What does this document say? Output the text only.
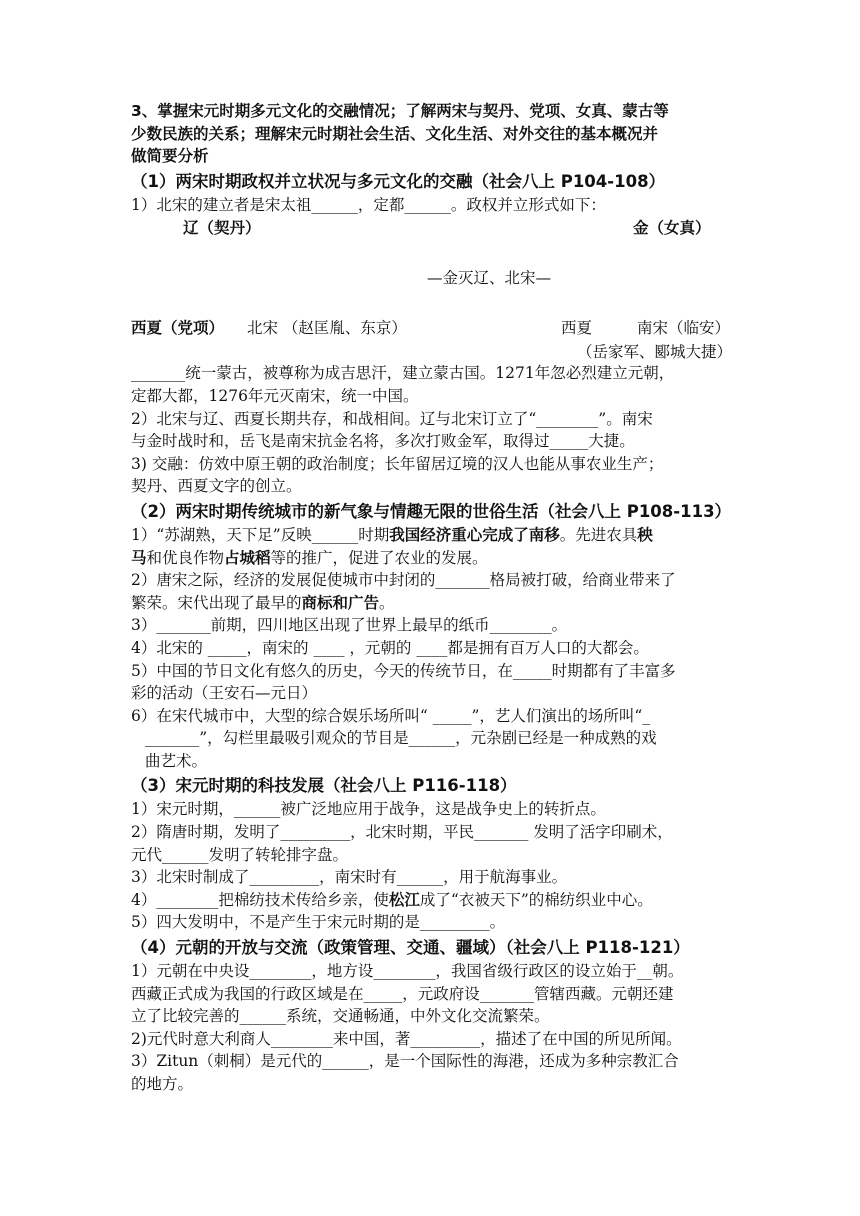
3、掌握宋元时期多元文化的交融情况；了解两宋与契丹、党项、女真、蒙古等
少数民族的关系；理解宋元时期社会生活、文化生活、对外交往的基本概况并
做简要分析
（1）两宋时期政权并立状况与多元文化的交融（社会八上 P104-108）
1）北宋的建立者是宋太祖______，定都______。政权并立形式如下：
辽（契丹）	金（女真）
—金灭辽、北宋—
西夏（党项） 北宋 （赵匡胤、东京）	西夏	南宋（临安）
（岳家军、郾城大捷）
_______统一蒙古，被尊称为成吉思汗，建立蒙古国。1271年忽必烈建立元朝，
定都大都，1276年元灭南宋，统一中国。
2）北宋与辽、西夏长期共存，和战相间。辽与北宋订立了“________”。南宋
与金时战时和，岳飞是南宋抗金名将，多次打败金军，取得过_____大捷。
3) 交融：仿效中原王朝的政治制度；长年留居辽境的汉人也能从事农业生产；
契丹、西夏文字的创立。
（2）两宋时期传统城市的新气象与情趣无限的世俗生活（社会八上 P108-113）
1）“苏湖熟，天下足”反映______时期我国经济重心完成了南移。先进农具秧
马和优良作物占城稻等的推广，促进了农业的发展。
2）唐宋之际，经济的发展促使城市中封闭的_______格局被打破，给商业带来了
繁荣。宋代出现了最早的商标和广告。
3）_______前期，四川地区出现了世界上最早的纸币________。
4）北宋的 _____，南宋的 ____ ，元朝的 ____都是拥有百万人口的大都会。
5）中国的节日文化有悠久的历史，今天的传统节日，在_____时期都有了丰富多
彩的活动（王安石—元日）
6）在宋代城市中，大型的综合娱乐场所叫“ _____”，艺人们演出的场所叫“_
_______”，勾栏里最吸引观众的节目是______，元杂剧已经是一种成熟的戏
曲艺术。
（3）宋元时期的科技发展（社会八上 P116-118）
1）宋元时期，______被广泛地应用于战争，这是战争史上的转折点。
2）隋唐时期，发明了_________，北宋时期，平民_______ 发明了活字印刷术，
元代______发明了转轮排字盘。
3）北宋时制成了_________，南宋时有______，用于航海事业。
4）________把棉纺技术传给乡亲，使松江成了“衣被天下”的棉纺织业中心。
5）四大发明中，不是产生于宋元时期的是_________。
（4）元朝的开放与交流（政策管理、交通、疆域）（社会八上 P118-121）
1）元朝在中央设________，地方设________，我国省级行政区的设立始于__朝。
西藏正式成为我国的行政区域是在_____，元政府设_______管辖西藏。元朝还建
立了比较完善的______系统，交通畅通，中外文化交流繁荣。
2)元代时意大利商人________来中国，著_________，描述了在中国的所见所闻。
3）Zitun（刺桐）是元代的______，是一个国际性的海港，还成为多种宗教汇合
的地方。
